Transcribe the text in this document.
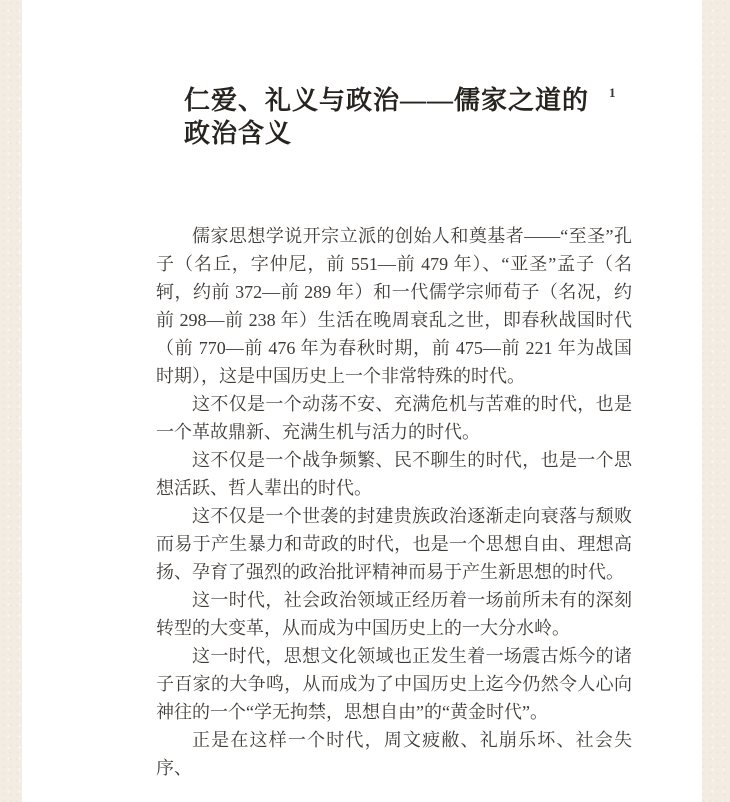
仁爱、礼义与政治——儒家之道的
政治含义
1

儒家思想学说开宗立派的创始人和奠基者——“至圣”孔子（名丘，字仲尼，前 551—前 479 年）、“亚圣”孟子（名轲，约前 372—前 289 年）和一代儒学宗师荀子（名况，约前 298—前 238 年）生活在晚周衰乱之世，即春秋战国时代（前 770—前 476 年为春秋时期，前 475—前 221 年为战国时期），这是中国历史上一个非常特殊的时代。

这不仅是一个动荡不安、充满危机与苦难的时代，也是一个革故鼎新、充满生机与活力的时代。

这不仅是一个战争频繁、民不聊生的时代，也是一个思想活跃、哲人辈出的时代。

这不仅是一个世袭的封建贵族政治逐渐走向衰落与颓败而易于产生暴力和苛政的时代，也是一个思想自由、理想高扬、孕育了强烈的政治批评精神而易于产生新思想的时代。

这一时代，社会政治领域正经历着一场前所未有的深刻转型的大变革，从而成为中国历史上的一大分水岭。

这一时代，思想文化领域也正发生着一场震古烁今的诸子百家的大争鸣，从而成为了中国历史上迄今仍然令人心向神往的一个“学无拘禁，思想自由”的“黄金时代”。

正是在这样一个时代，周文疲敝、礼崩乐坏、社会失序、
